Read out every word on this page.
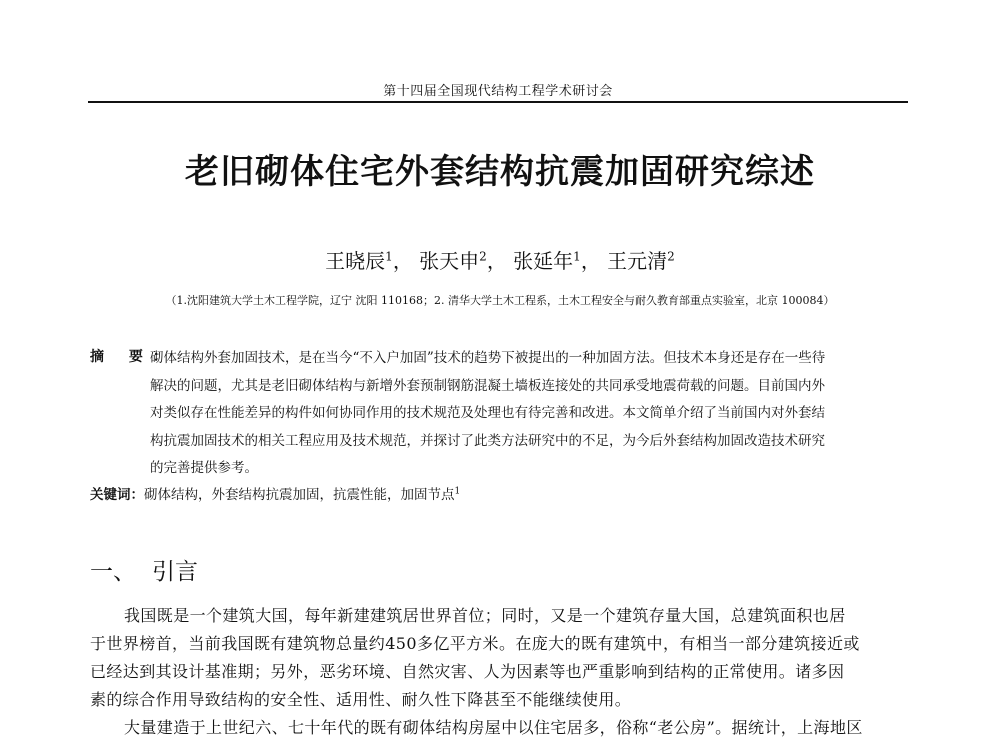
第十四届全国现代结构工程学术研讨会
老旧砌体住宅外套结构抗震加固研究综述
王晓辰$^1$， 张天申$^2$， 张延年$^1$， 王元清$^2$
（1.沈阳建筑大学土木工程学院，辽宁 沈阳 110168；2. 清华大学土木工程系，土木工程安全与耐久教育部重点实验室，北京 100084）
摘 要：
砌体结构外套加固技术，是在当今“不入户加固”技术的趋势下被提出的一种加固方法。但技术本身还是存在一些待
解决的问题，尤其是老旧砌体结构与新增外套预制钢筋混凝土墙板连接处的共同承受地震荷载的问题。目前国内外
对类似存在性能差异的构件如何协同作用的技术规范及处理也有待完善和改进。本文简单介绍了当前国内对外套结
构抗震加固技术的相关工程应用及技术规范，并探讨了此类方法研究中的不足，为今后外套结构加固改造技术研究
的完善提供参考。
关键词：砌体结构，外套结构抗震加固，抗震性能，加固节点$^1$
一、 引言
我国既是一个建筑大国，每年新建建筑居世界首位；同时，又是一个建筑存量大国，总建筑面积也居
于世界榜首，当前我国既有建筑物总量约450多亿平方米。在庞大的既有建筑中，有相当一部分建筑接近或
已经达到其设计基准期；另外，恶劣环境、自然灾害、人为因素等也严重影响到结构的正常使用。诸多因
素的综合作用导致结构的安全性、适用性、耐久性下降甚至不能继续使用。
大量建造于上世纪六、七十年代的既有砌体结构房屋中以住宅居多，俗称“老公房”。据统计，上海地区
